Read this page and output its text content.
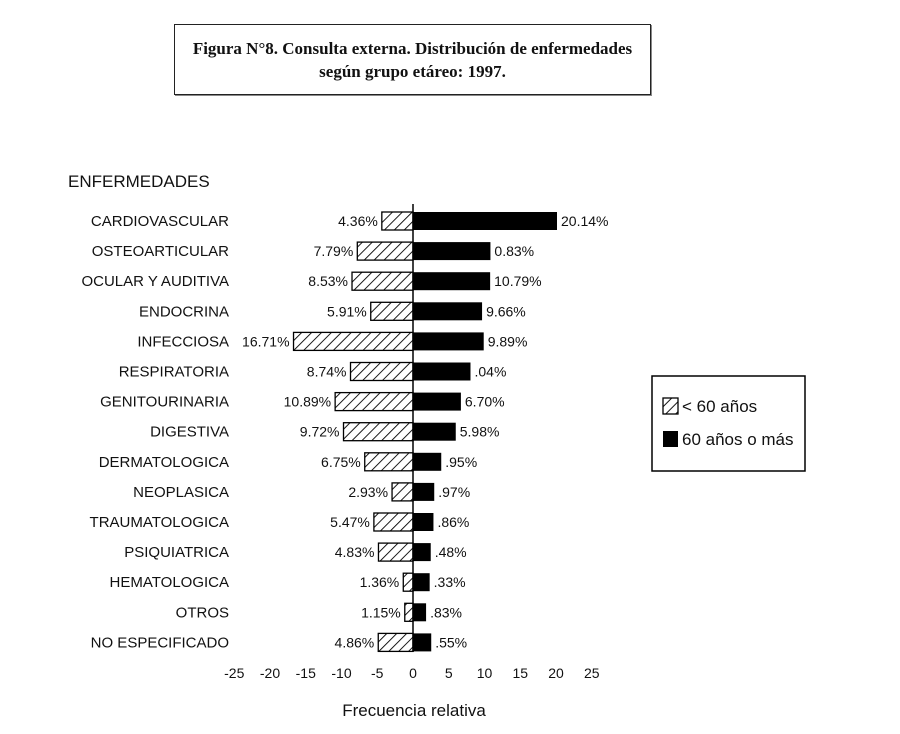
Figura N°8. Consulta externa. Distribución de enfermedades
según grupo etáreo: 1997.
ENFERMEDADES
CARDIOVASCULAR	4.36%	20.14%
OSTEOARTICULAR	7.79%	0.83%
OCULAR Y AUDITIVA	8.53%	10.79%
ENDOCRINA	5.91%	9.66%
INFECCIOSA 16.71%	9.89%
RESPIRATORIA	8.74%	.04%
GENITOURINARIA	10.89%	6.70%
DIGESTIVA	9.72%	5.98%
DERMATOLOGICA	6.75%	.95%
NEOPLASICA	2.93%	.97%
TRAUMATOLOGICA	5.47%	.86%
PSIQUIATRICA	4.83%	.48%
HEMATOLOGICA	1.36% .33%
OTROS	1.15% .83%
NO ESPECIFICADO	4.86%	.55%
-25 -20 -15 -10 -5 0 5 10 15 20 25
Frecuencia relativa
< 60 años
60 años o más
